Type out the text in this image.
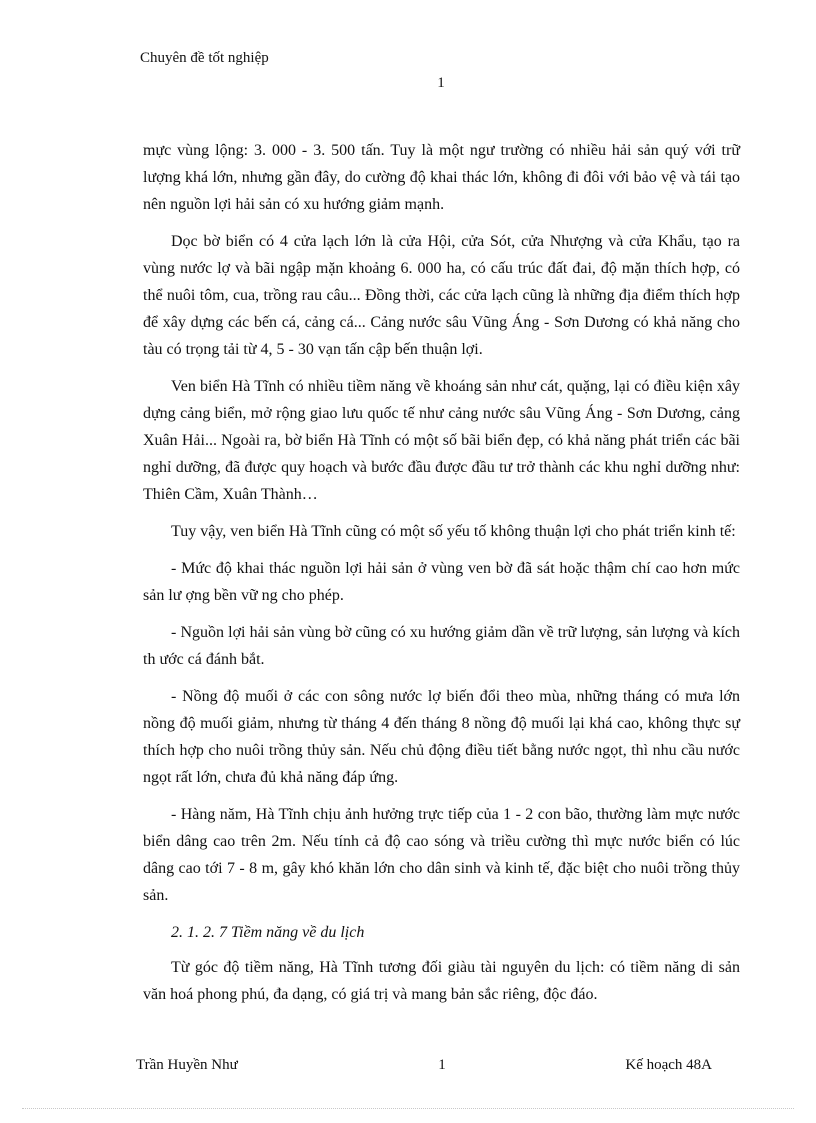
Chuyên đề tốt nghiệp
1

mực vùng lộng: 3. 000 - 3. 500 tấn. Tuy là một ngư trường có nhiều hải sản quý với trữ lượng khá lớn, nhưng gần đây, do cường độ khai thác lớn, không đi đôi với bảo vệ và tái tạo nên nguồn lợi hải sản có xu hướng giảm mạnh.

Dọc bờ biển có 4 cửa lạch lớn là cửa Hội, cửa Sót, cửa Nhượng và cửa Khẩu, tạo ra vùng nước lợ và bãi ngập mặn khoảng 6. 000 ha, có cấu trúc đất đai, độ mặn thích hợp, có thể nuôi tôm, cua, trồng rau câu... Đồng thời, các cửa lạch cũng là những địa điểm thích hợp để xây dựng các bến cá, cảng cá... Cảng nước sâu Vũng Áng - Sơn Dương có khả năng cho tàu có trọng tải từ 4, 5 - 30 vạn tấn cập bến thuận lợi.

Ven biển Hà Tĩnh có nhiều tiềm năng về khoáng sản như cát, quặng, lại có điều kiện xây dựng cảng biển, mở rộng giao lưu quốc tế như cảng nước sâu Vũng Áng - Sơn Dương, cảng Xuân Hải... Ngoài ra, bờ biển Hà Tĩnh có một số bãi biển đẹp, có khả năng phát triển các bãi nghỉ dưỡng, đã được quy hoạch và bước đầu được đầu tư trở thành các khu nghỉ dưỡng như: Thiên Cầm, Xuân Thành…

Tuy vậy, ven biển Hà Tĩnh cũng có một số yếu tố không thuận lợi cho phát triển kinh tế:

- Mức độ khai thác nguồn lợi hải sản ở vùng ven bờ đã sát hoặc thậm chí cao hơn mức sản lư ợng bền vữ ng cho phép.

- Nguồn lợi hải sản vùng bờ cũng có xu hướng giảm dần về trữ lượng, sản lượng và kích th ước cá đánh bắt.

- Nồng độ muối ở các con sông nước lợ biến đổi theo mùa, những tháng có mưa lớn nồng độ muối giảm, nhưng từ tháng 4 đến tháng 8 nồng độ muối lại khá cao, không thực sự thích hợp cho nuôi trồng thủy sản. Nếu chủ động điều tiết bằng nước ngọt, thì nhu cầu nước ngọt rất lớn, chưa đủ khả năng đáp ứng.

- Hàng năm, Hà Tĩnh chịu ảnh hưởng trực tiếp của 1 - 2 con bão, thường làm mực nước biển dâng cao trên 2m. Nếu tính cả độ cao sóng và triều cường thì mực nước biển có lúc dâng cao tới 7 - 8 m, gây khó khăn lớn cho dân sinh và kinh tế, đặc biệt cho nuôi trồng thủy sản.

2. 1. 2. 7 Tiềm năng về du lịch

Từ góc độ tiềm năng, Hà Tĩnh tương đối giàu tài nguyên du lịch: có tiềm năng di sản văn hoá phong phú, đa dạng, có giá trị và mang bản sắc riêng, độc đáo.

Trần Huyền Như	1	Kế hoạch 48A
